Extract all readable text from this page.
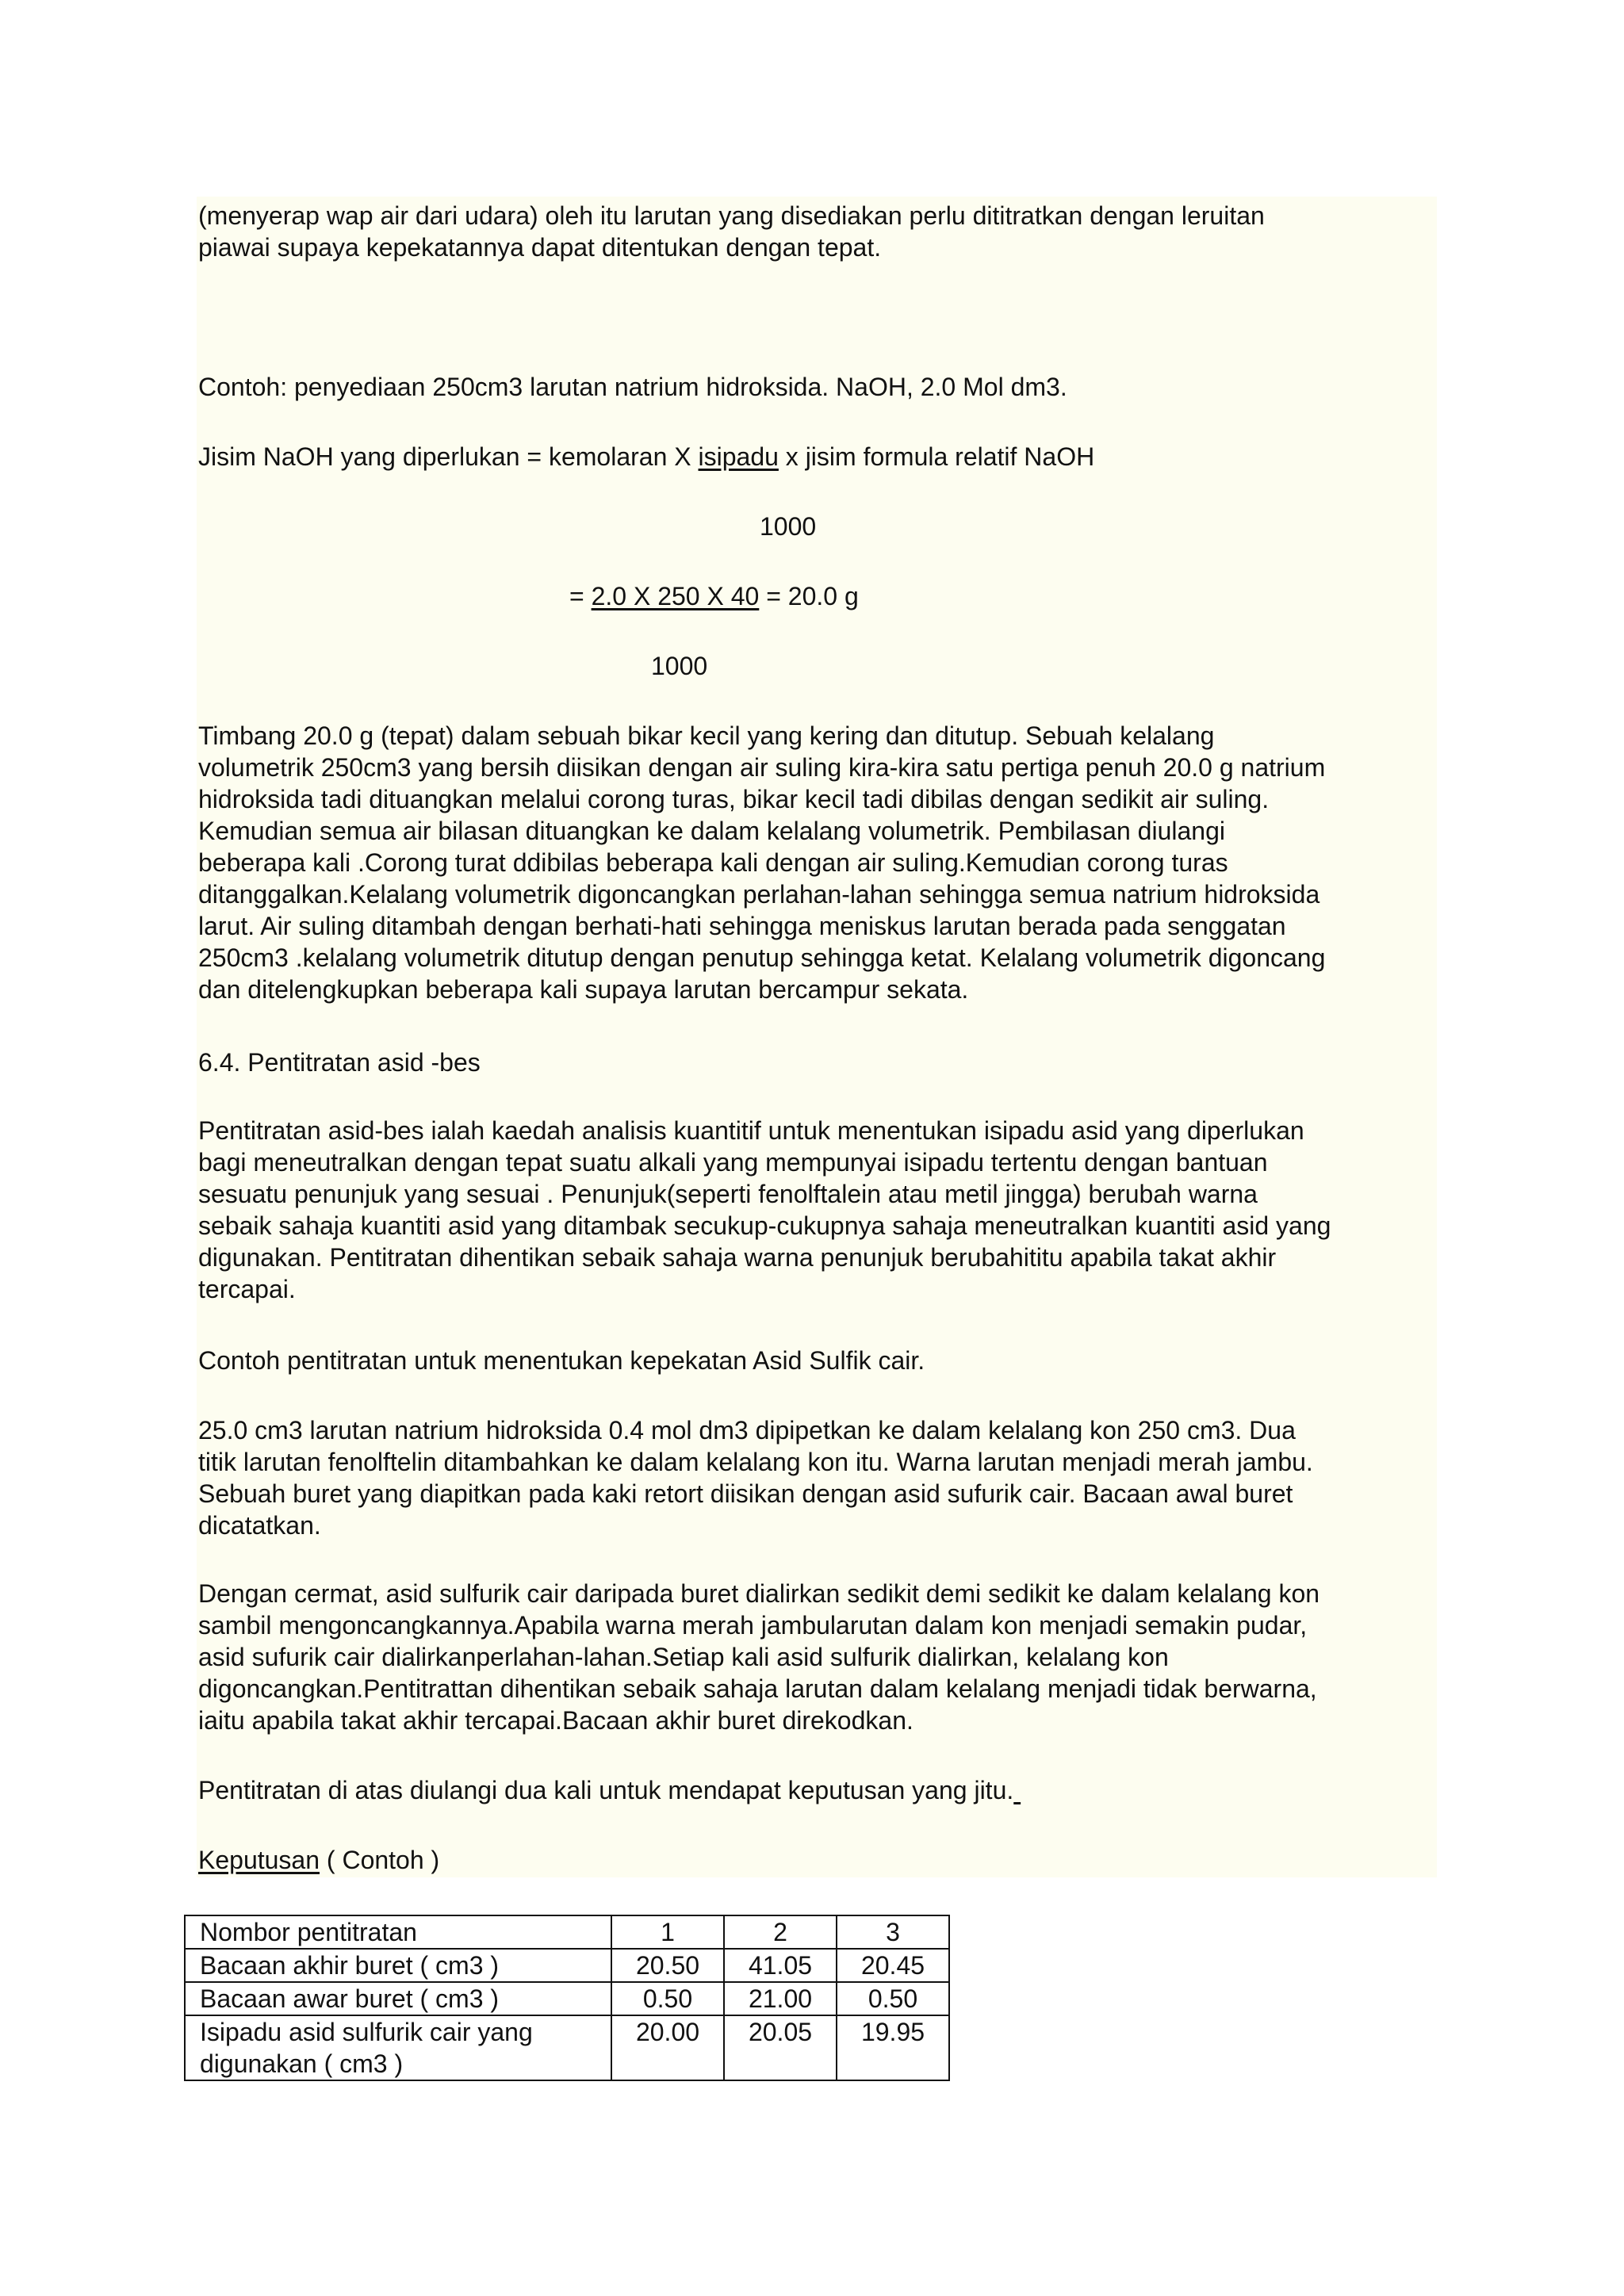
(menyerap wap air dari udara) oleh itu larutan yang disediakan perlu dititratkan dengan leruitan
piawai supaya kepekatannya dapat ditentukan dengan tepat.

Contoh: penyediaan 250cm3 larutan natrium hidroksida. NaOH, 2.0 Mol dm3.

Jisim NaOH yang diperlukan = kemolaran X isipadu x jisim formula relatif NaOH

1000

= 2.0 X 250 X 40 = 20.0 g

1000

Timbang 20.0 g (tepat) dalam sebuah bikar kecil yang kering dan ditutup. Sebuah kelalang
volumetrik 250cm3 yang bersih diisikan dengan air suling kira-kira satu pertiga penuh 20.0 g natrium
hidroksida tadi dituangkan melalui corong turas, bikar kecil tadi dibilas dengan sedikit air suling.
Kemudian semua air bilasan dituangkan ke dalam kelalang volumetrik. Pembilasan diulangi
beberapa kali .Corong turat ddibilas beberapa kali dengan air suling.Kemudian corong turas
ditanggalkan.Kelalang volumetrik digoncangkan perlahan-lahan sehingga semua natrium hidroksida
larut. Air suling ditambah dengan berhati-hati sehingga meniskus larutan berada pada senggatan
250cm3 .kelalang volumetrik ditutup dengan penutup sehingga ketat. Kelalang volumetrik digoncang
dan ditelengkupkan beberapa kali supaya larutan bercampur sekata.

6.4. Pentitratan asid -bes

Pentitratan asid-bes ialah kaedah analisis kuantitif untuk menentukan isipadu asid yang diperlukan
bagi meneutralkan dengan tepat suatu alkali yang mempunyai isipadu tertentu dengan bantuan
sesuatu penunjuk yang sesuai . Penunjuk(seperti fenolftalein atau metil jingga) berubah warna
sebaik sahaja kuantiti asid yang ditambak secukup-cukupnya sahaja meneutralkan kuantiti asid yang
digunakan. Pentitratan dihentikan sebaik sahaja warna penunjuk berubahititu apabila takat akhir
tercapai.

Contoh pentitratan untuk menentukan kepekatan Asid Sulfik cair.

25.0 cm3 larutan natrium hidroksida 0.4 mol dm3 dipipetkan ke dalam kelalang kon 250 cm3. Dua
titik larutan fenolftelin ditambahkan ke dalam kelalang kon itu. Warna larutan menjadi merah jambu.
Sebuah buret yang diapitkan pada kaki retort diisikan dengan asid sufurik cair. Bacaan awal buret
dicatatkan.

Dengan cermat, asid sulfurik cair daripada buret dialirkan sedikit demi sedikit ke dalam kelalang kon
sambil mengoncangkannya.Apabila warna merah jambularutan dalam kon menjadi semakin pudar,
asid sufurik cair dialirkanperlahan-lahan.Setiap kali asid sulfurik dialirkan, kelalang kon
digoncangkan.Pentitrattan dihentikan sebaik sahaja larutan dalam kelalang menjadi tidak berwarna,
iaitu apabila takat akhir tercapai.Bacaan akhir buret direkodkan.

Pentitratan di atas diulangi dua kali untuk mendapat keputusan yang jitu.

Keputusan ( Contoh )

Nombor pentitratan	1	2	3
Bacaan akhir buret ( cm3 )	20.50	41.05	20.45
Bacaan awar buret ( cm3 )	0.50	21.00	0.50
Isipadu asid sulfurik cair yang digunakan ( cm3 )	20.00	20.05	19.95
